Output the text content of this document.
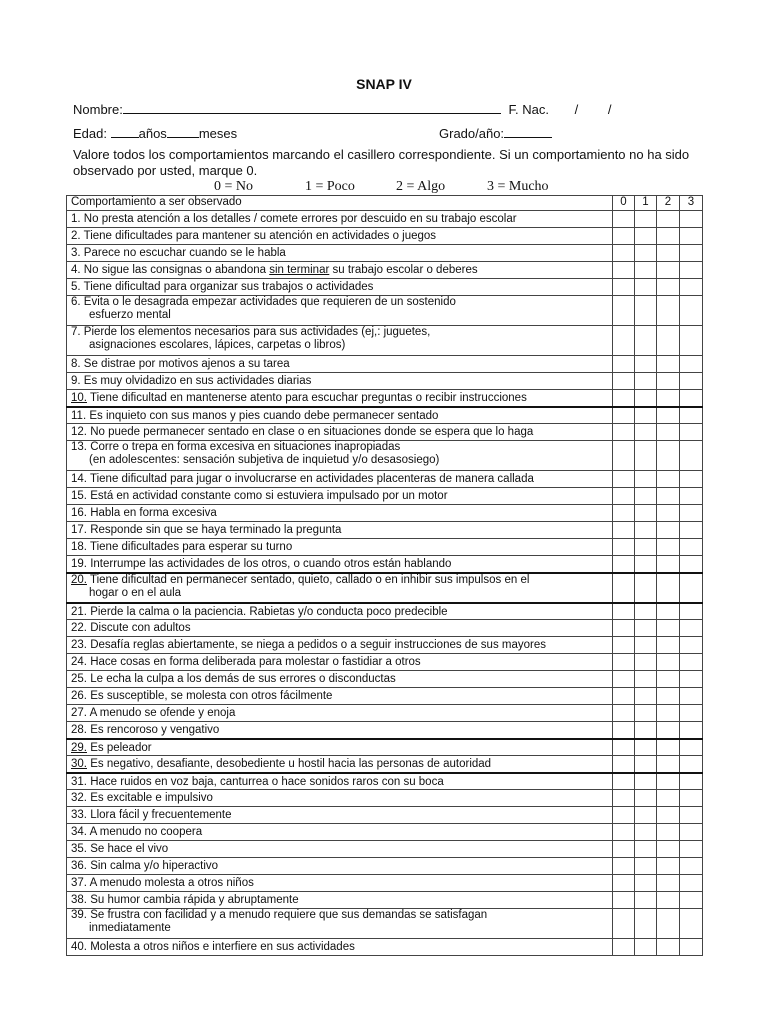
SNAP IV
Nombre:	F. Nac. / /
Edad: años meses	Grado/año:
Valore todos los comportamientos marcando el casillero correspondiente. Si un comportamiento no ha sido observado por usted, marque 0.
0 = No	1 = Poco	2 = Algo	3 = Mucho
Comportamiento a ser observado	0	1	2	3
1. No presta atención a los detalles / comete errores por descuido en su trabajo escolar				
2. Tiene dificultades para mantener su atención en actividades o juegos				
3. Parece no escuchar cuando se le habla				
4. No sigue las consignas o abandona sin terminar su trabajo escolar o deberes				
5. Tiene dificultad para organizar sus trabajos o actividades				
6. Evita o le desagrada empezar actividades que requieren de un sostenido
esfuerzo mental				

7. Pierde los elementos necesarios para sus actividades (ej,: juguetes,
asignaciones escolares, lápices, carpetas o libros)				

8. Se distrae por motivos ajenos a su tarea				
9. Es muy olvidadizo en sus actividades diarias				
10. Tiene dificultad en mantenerse atento para escuchar preguntas o recibir instrucciones				
11. Es inquieto con sus manos y pies cuando debe permanecer sentado				
12. No puede permanecer sentado en clase o en situaciones donde se espera que lo haga				
13. Corre o trepa en forma excesiva en situaciones inapropiadas
(en adolescentes: sensación subjetiva de inquietud y/o desasosiego)				

14. Tiene dificultad para jugar o involucrarse en actividades placenteras de manera callada				
15. Está en actividad constante como si estuviera impulsado por un motor				
16. Habla en forma excesiva				
17. Responde sin que se haya terminado la pregunta				
18. Tiene dificultades para esperar su turno				
19. Interrumpe las actividades de los otros, o cuando otros están hablando				
20. Tiene dificultad en permanecer sentado, quieto, callado o en inhibir sus impulsos en el
hogar o en el aula				

21. Pierde la calma o la paciencia. Rabietas y/o conducta poco predecible				
22. Discute con adultos				
23. Desafía reglas abiertamente, se niega a pedidos o a seguir instrucciones de sus mayores				
24. Hace cosas en forma deliberada para molestar o fastidiar a otros				
25. Le echa la culpa a los demás de sus errores o disconductas				
26. Es susceptible, se molesta con otros fácilmente				
27. A menudo se ofende y enoja				
28. Es rencoroso y vengativo				
29. Es peleador				
30. Es negativo, desafiante, desobediente u hostil hacia las personas de autoridad				
31. Hace ruidos en voz baja, canturrea o hace sonidos raros con su boca				
32. Es excitable e impulsivo				
33. Llora fácil y frecuentemente				
34. A menudo no coopera				
35. Se hace el vivo				
36. Sin calma y/o hiperactivo				
37. A menudo molesta a otros niños				
38. Su humor cambia rápida y abruptamente				
39. Se frustra con facilidad y a menudo requiere que sus demandas se satisfagan
inmediatamente				

40. Molesta a otros niños e interfiere en sus actividades				
